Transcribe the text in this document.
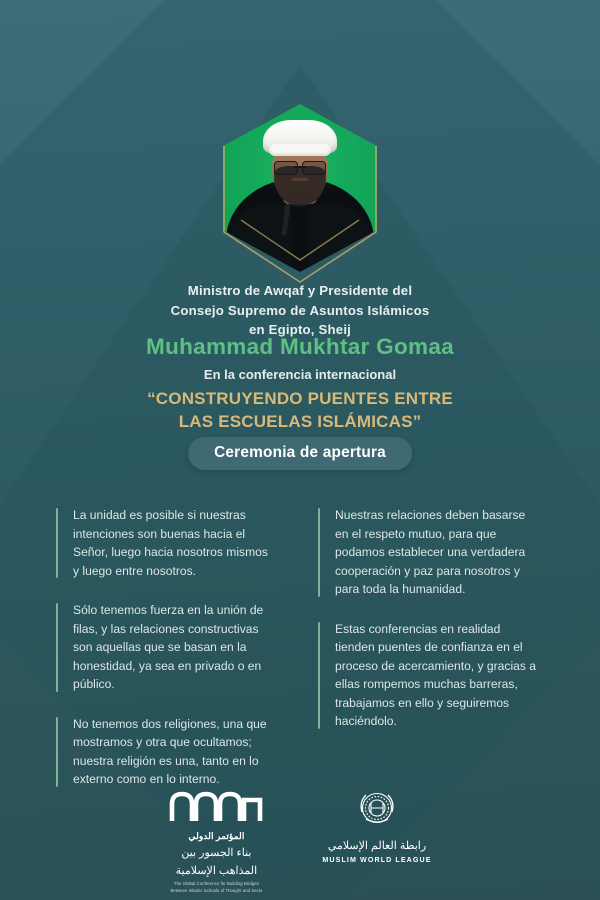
Ministro de Awqaf y Presidente del
Consejo Supremo de Asuntos Islámicos
en Egipto, Sheij
Muhammad Mukhtar Gomaa
En la conferencia internacional
“CONSTRUYENDO PUENTES ENTRE
LAS ESCUELAS ISLÁMICAS”
Ceremonia de apertura
La unidad es posible si nuestras intenciones son buenas hacia el Señor, luego hacia nosotros mismos y luego entre nosotros.
Sólo tenemos fuerza en la unión de filas, y las relaciones constructivas son aquellas que se basan en la honestidad, ya sea en privado o en público.
No tenemos dos religiones, una que mostramos y otra que ocultamos; nuestra religión es una, tanto en lo externo como en lo interno.
Nuestras relaciones deben basarse en el respeto mutuo, para que podamos establecer una verdadera cooperación y paz para nosotros y para toda la humanidad.
Estas conferencias en realidad tienden puentes de confianza en el proceso de acercamiento, y gracias a ellas rompemos muchas barreras, trabajamos en ello y seguiremos haciéndolo.
المؤتمر الدولي
بناء الجسور بين
المذاهب الإسلامية
The Global Conference for Building Bridges
Between Islamic Schools of Thought and Sects
رابطة العالم الإسلامي
MUSLIM WORLD LEAGUE
